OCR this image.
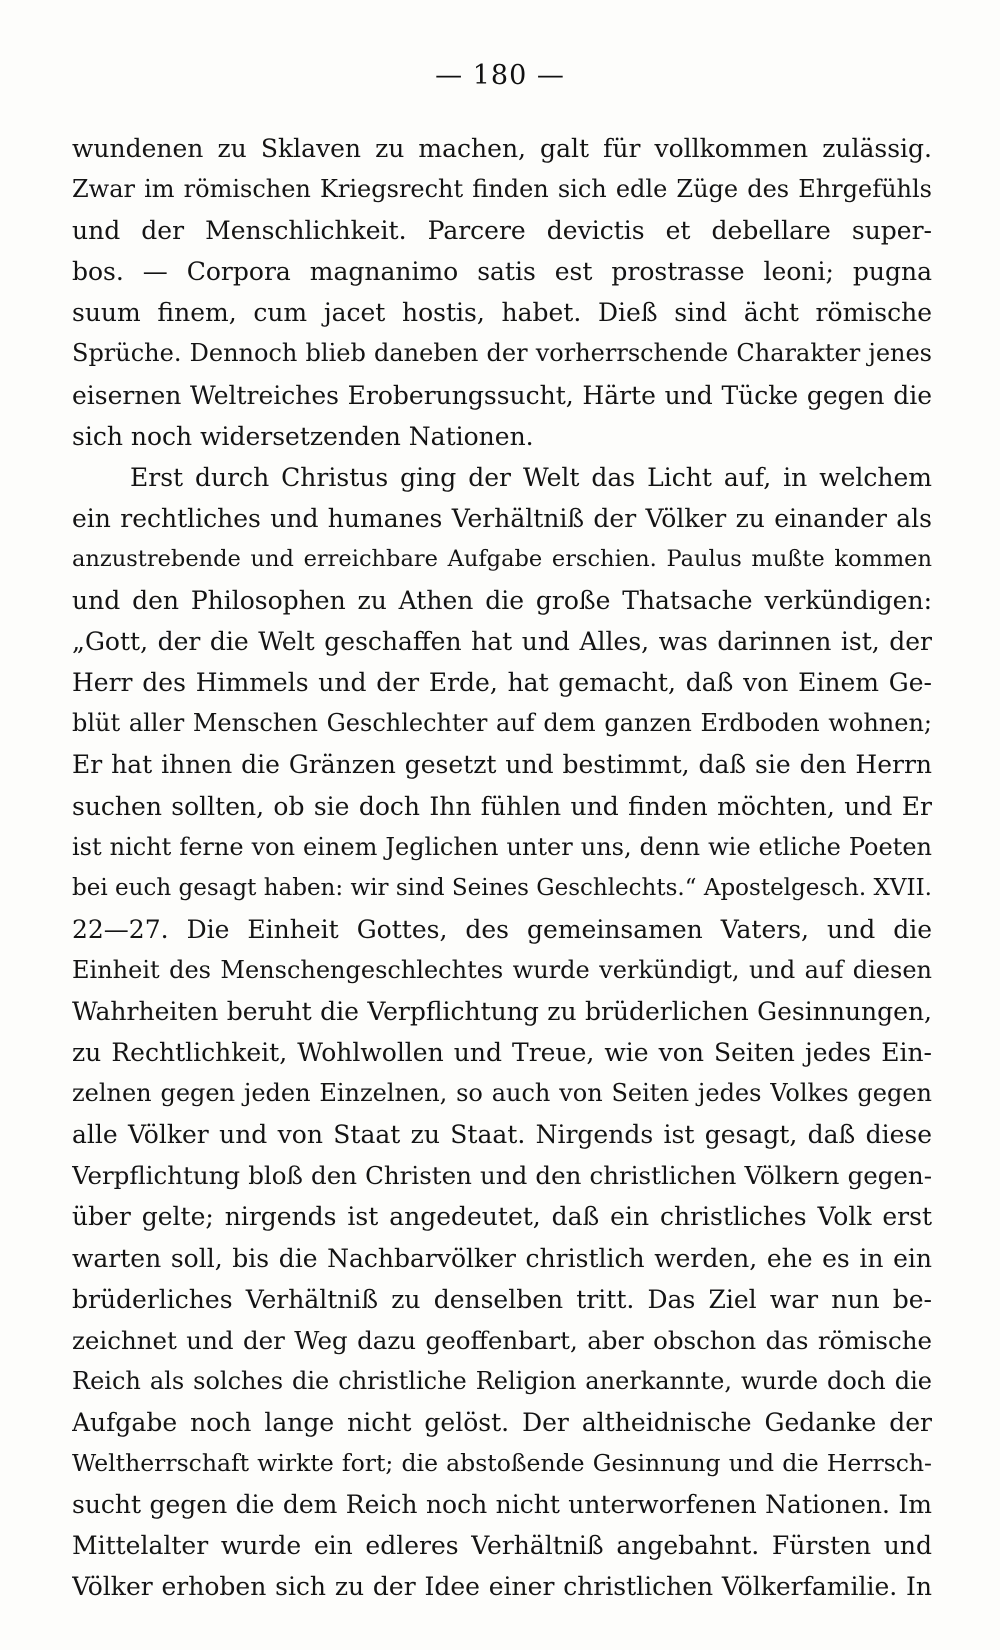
— 180 —
wundenen zu Sklaven zu machen, galt für vollkommen zulässig.
Zwar im römischen Kriegsrecht finden sich edle Züge des Ehrgefühls
und der Menschlichkeit. Parcere devictis et debellare super-
bos. — Corpora magnanimo satis est prostrasse leoni; pugna
suum finem, cum jacet hostis, habet. Dieß sind ächt römische
Sprüche. Dennoch blieb daneben der vorherrschende Charakter jenes
eisernen Weltreiches Eroberungssucht, Härte und Tücke gegen die
sich noch widersetzenden Nationen.
Erst durch Christus ging der Welt das Licht auf, in welchem
ein rechtliches und humanes Verhältniß der Völker zu einander als
anzustrebende und erreichbare Aufgabe erschien. Paulus mußte kommen
und den Philosophen zu Athen die große Thatsache verkündigen:
„Gott, der die Welt geschaffen hat und Alles, was darinnen ist, der
Herr des Himmels und der Erde, hat gemacht, daß von Einem Ge-
blüt aller Menschen Geschlechter auf dem ganzen Erdboden wohnen;
Er hat ihnen die Gränzen gesetzt und bestimmt, daß sie den Herrn
suchen sollten, ob sie doch Ihn fühlen und finden möchten, und Er
ist nicht ferne von einem Jeglichen unter uns, denn wie etliche Poeten
bei euch gesagt haben: wir sind Seines Geschlechts.“ Apostelgesch. XVII.
22—27. Die Einheit Gottes, des gemeinsamen Vaters, und die
Einheit des Menschengeschlechtes wurde verkündigt, und auf diesen
Wahrheiten beruht die Verpflichtung zu brüderlichen Gesinnungen,
zu Rechtlichkeit, Wohlwollen und Treue, wie von Seiten jedes Ein-
zelnen gegen jeden Einzelnen, so auch von Seiten jedes Volkes gegen
alle Völker und von Staat zu Staat. Nirgends ist gesagt, daß diese
Verpflichtung bloß den Christen und den christlichen Völkern gegen-
über gelte; nirgends ist angedeutet, daß ein christliches Volk erst
warten soll, bis die Nachbarvölker christlich werden, ehe es in ein
brüderliches Verhältniß zu denselben tritt. Das Ziel war nun be-
zeichnet und der Weg dazu geoffenbart, aber obschon das römische
Reich als solches die christliche Religion anerkannte, wurde doch die
Aufgabe noch lange nicht gelöst. Der altheidnische Gedanke der
Weltherrschaft wirkte fort; die abstoßende Gesinnung und die Herrsch-
sucht gegen die dem Reich noch nicht unterworfenen Nationen. Im
Mittelalter wurde ein edleres Verhältniß angebahnt. Fürsten und
Völker erhoben sich zu der Idee einer christlichen Völkerfamilie. In
